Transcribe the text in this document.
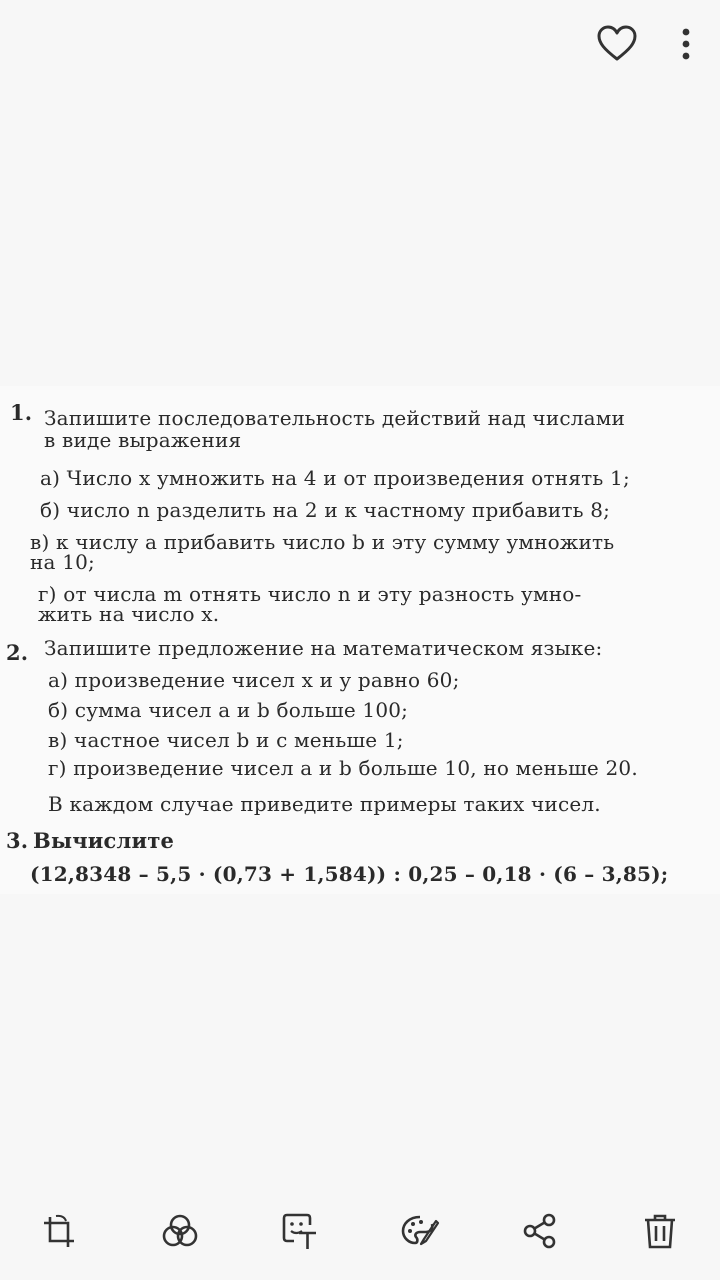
1. Запишите последовательность действий над числами
в виде выражения
а) Число x умножить на 4 и от произведения отнять 1;
б) число n разделить на 2 и к частному прибавить 8;
в) к числу a прибавить число b и эту сумму умножить
на 10;
г) от числа m отнять число n и эту разность умно-
жить на число x.
2. Запишите предложение на математическом языке:
а) произведение чисел x и y равно 60;
б) сумма чисел a и b больше 100;
в) частное чисел b и c меньше 1;
г) произведение чисел a и b больше 10, но меньше 20.
В каждом случае приведите примеры таких чисел.
3. Вычислите
(12,8348 – 5,5 · (0,73 + 1,584)) : 0,25 – 0,18 · (6 – 3,85);
